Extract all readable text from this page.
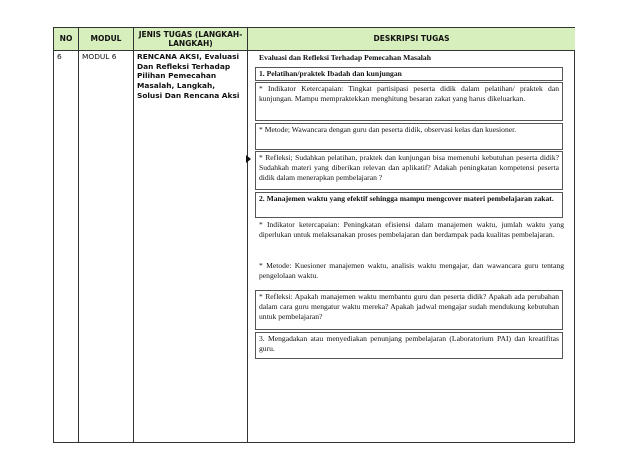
NO MODUL
JENIS TUGAS (LANGKAH-LANGKAH)
DESKRIPSI TUGAS
6	MODUL 6	RENCANA AKSI, Evaluasi Dan Refleksi Terhadap Pilihan Pemecahan Masalah, Langkah, Solusi Dan Rencana Aksi
Evaluasi dan Refleksi Terhadap Pemecahan Masalah
1. Pelatihan/praktek Ibadah dan kunjungan
* Indikator Ketercapaian: Tingkat partisipasi peserta didik dalam pelatihan/ praktek dan kunjungan. Mampu mempraktekkan menghitung besaran zakat yang harus dikeluarkan.
* Metode; Wawancara dengan guru dan peserta didik, observasi kelas dan kuesioner.
* Refleksi; Sudahkan pelatihan, praktek dan kunjungan bisa memenuhi kebutuhan peserta didik? Sudahkah materi yang diberikan relevan dan aplikatif? Adakah peningkatan kompetensi peserta didik dalam menerapkan pembelajaran ?
2. Manajemen waktu yang efektif sehingga mampu mengcover materi pembelajaran zakat.
* Indikator ketercapaian: Peningkatan efisiensi dalam manajemen waktu, jumlah waktu yang diperlukan untuk melaksanakan proses pembelajaran dan berdampak pada kualitas pembelajaran.
* Metode: Kuesioner manajemen waktu, analisis waktu mengajar, dan wawancara guru tentang pengelolaan waktu.
* Refleksi: Apakah manajemen waktu membantu guru dan peserta didik? Apakah ada perubahan dalam cara guru mengatur waktu mereka? Apakah jadwal mengajar sudah mendukung kebutuhan untuk pembelajaran?
3. Mengadakan atau menyediakan penunjang pembelajaran (Laboratorium PAI) dan kreatifitas guru.
